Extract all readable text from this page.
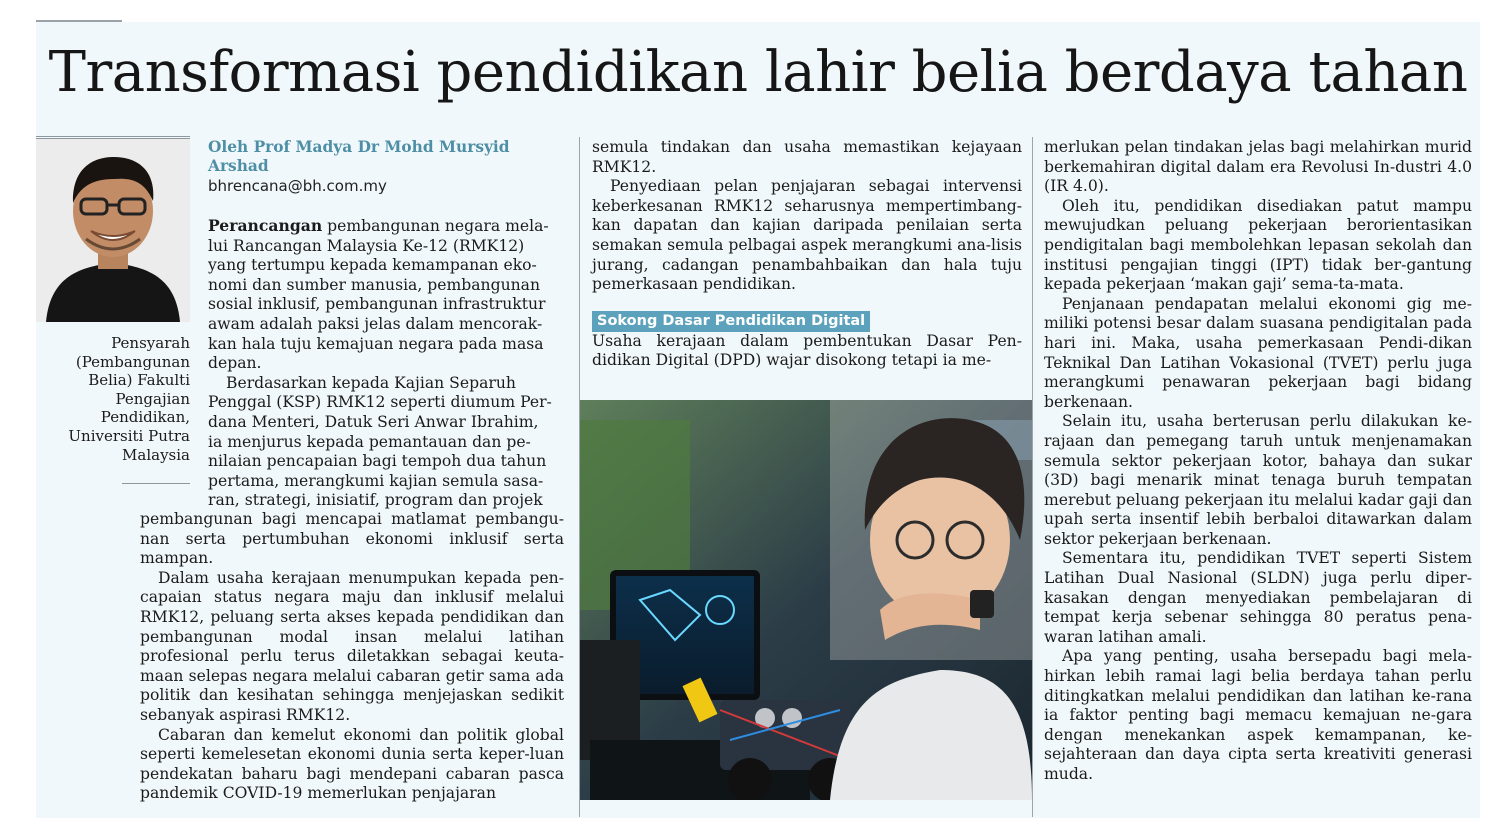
Transformasi pendidikan lahir belia berdaya tahan
Pensyarah
(Pembangunan
Belia) Fakulti
Pengajian
Pendidikan,
Universiti Putra
Malaysia
Oleh Prof Madya Dr Mohd Mursyid Arshad
bhrencana@bh.com.my
Perancangan pembangunan negara mela-
lui Rancangan Malaysia Ke-12 (RMK12)
yang tertumpu kepada kemampanan eko-
nomi dan sumber manusia, pembangunan
sosial inklusif, pembangunan infrastruktur
awam adalah paksi jelas dalam mencorak-
kan hala tuju kemajuan negara pada masa
depan.
Berdasarkan kepada Kajian Separuh
Penggal (KSP) RMK12 seperti diumum Per-
dana Menteri, Datuk Seri Anwar Ibrahim,
ia menjurus kepada pemantauan dan pe-
nilaian pencapaian bagi tempoh dua tahun
pertama, merangkumi kajian semula sasa-
ran, strategi, inisiatif, program dan projek

pembangunan bagi mencapai matlamat pembangu-nan serta pertumbuhan ekonomi inklusif serta mampan.

Dalam usaha kerajaan menumpukan kepada pen-capaian status negara maju dan inklusif melalui RMK12, peluang serta akses kepada pendidikan dan pembangunan modal insan melalui latihan profesional perlu terus diletakkan sebagai keuta-maan selepas negara melalui cabaran getir sama ada politik dan kesihatan sehingga menjejaskan sedikit sebanyak aspirasi RMK12.

Cabaran dan kemelut ekonomi dan politik global seperti kemelesetan ekonomi dunia serta keper-luan pendekatan baharu bagi mendepani cabaran pasca pandemik COVID-19 memerlukan penjajaran

semula tindakan dan usaha memastikan kejayaan RMK12.

Penyediaan pelan penjajaran sebagai intervensi keberkesanan RMK12 seharusnya mempertimbang-kan dapatan dan kajian daripada penilaian serta semakan semula pelbagai aspek merangkumi ana-lisis jurang, cadangan penambahbaikan dan hala tuju pemerkasaan pendidikan.

Sokong Dasar Pendidikan Digital

Usaha kerajaan dalam pembentukan Dasar Pen-didikan Digital (DPD) wajar disokong tetapi ia me-

merlukan pelan tindakan jelas bagi melahirkan murid berkemahiran digital dalam era Revolusi In-dustri 4.0 (IR 4.0).

Oleh itu, pendidikan disediakan patut mampu mewujudkan peluang pekerjaan berorientasikan pendigitalan bagi membolehkan lepasan sekolah dan institusi pengajian tinggi (IPT) tidak ber-gantung kepada pekerjaan ‘makan gaji’ sema-ta-mata.

Penjanaan pendapatan melalui ekonomi gig me-miliki potensi besar dalam suasana pendigitalan pada hari ini. Maka, usaha pemerkasaan Pendi-dikan Teknikal Dan Latihan Vokasional (TVET) perlu juga merangkumi penawaran pekerjaan bagi bidang berkenaan.

Selain itu, usaha berterusan perlu dilakukan ke-rajaan dan pemegang taruh untuk menjenamakan semula sektor pekerjaan kotor, bahaya dan sukar (3D) bagi menarik minat tenaga buruh tempatan merebut peluang pekerjaan itu melalui kadar gaji dan upah serta insentif lebih berbaloi ditawarkan dalam sektor pekerjaan berkenaan.

Sementara itu, pendidikan TVET seperti Sistem Latihan Dual Nasional (SLDN) juga perlu diper-kasakan dengan menyediakan pembelajaran di tempat kerja sebenar sehingga 80 peratus pena-waran latihan amali.

Apa yang penting, usaha bersepadu bagi mela-hirkan lebih ramai lagi belia berdaya tahan perlu ditingkatkan melalui pendidikan dan latihan ke-rana ia faktor penting bagi memacu kemajuan ne-gara dengan menekankan aspek kemampanan, ke-sejahteraan dan daya cipta serta kreativiti generasi muda.
